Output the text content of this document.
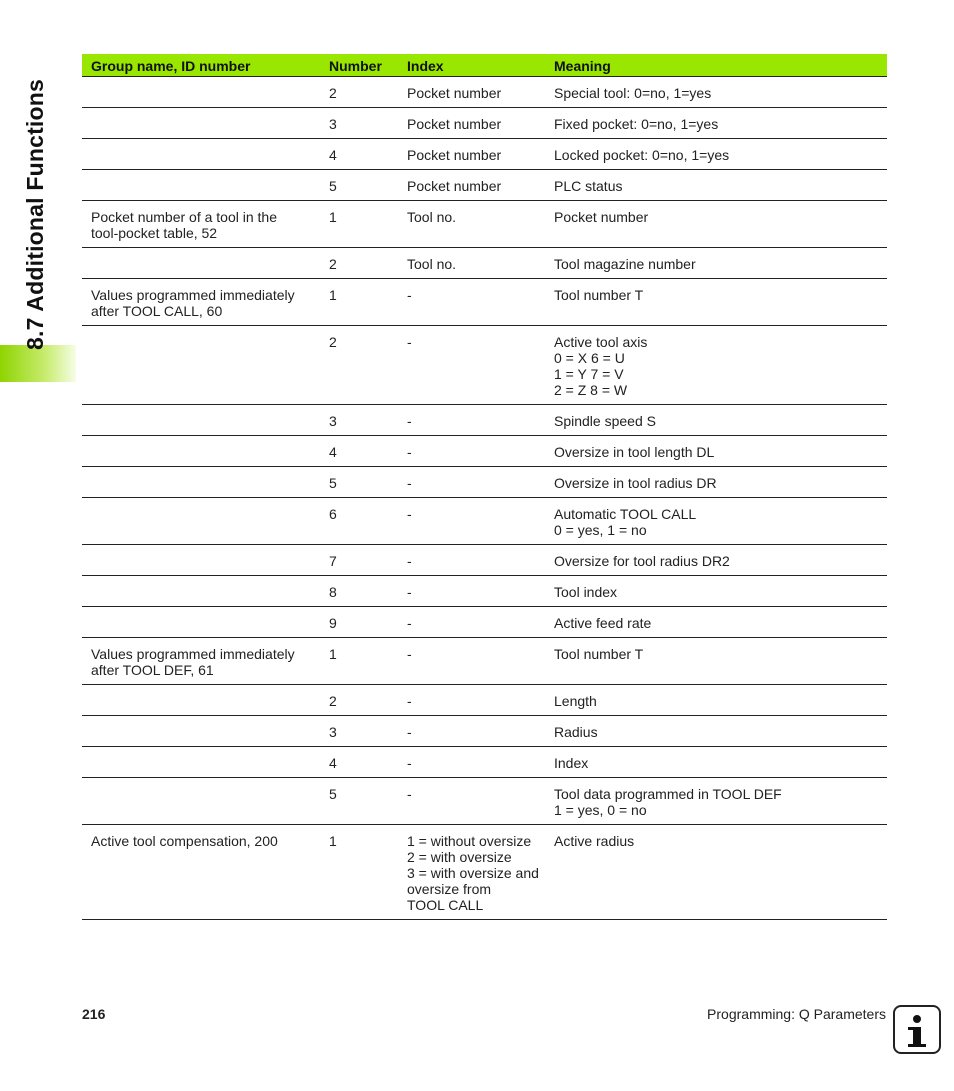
8.7 Additional Functions
Group name, ID number	Number	Index	Meaning
	2	Pocket number	Special tool: 0=no, 1=yes

	3	Pocket number	Fixed pocket: 0=no, 1=yes

	4	Pocket number	Locked pocket: 0=no, 1=yes

	5	Pocket number	PLC status

Pocket number of a tool in the
tool-pocket table, 52	1	Tool no.	Pocket number

	2	Tool no.	Tool magazine number

Values programmed immediately
after TOOL CALL, 60	1	-	Tool number T

	2	-	Active tool axis
0 = X 6 = U
1 = Y 7 = V
2 = Z 8 = W

	3	-	Spindle speed S

	4	-	Oversize in tool length DL

	5	-	Oversize in tool radius DR

	6	-	Automatic TOOL CALL
0 = yes, 1 = no

	7	-	Oversize for tool radius DR2

	8	-	Tool index

	9	-	Active feed rate

Values programmed immediately
after TOOL DEF, 61	1	-	Tool number T

	2	-	Length

	3	-	Radius

	4	-	Index

	5	-	Tool data programmed in TOOL DEF
1 = yes, 0 = no

Active tool compensation, 200	1	1 = without oversize
2 = with oversize
3 = with oversize and
oversize from
TOOL CALL	Active radius
216	Programming: Q Parameters
